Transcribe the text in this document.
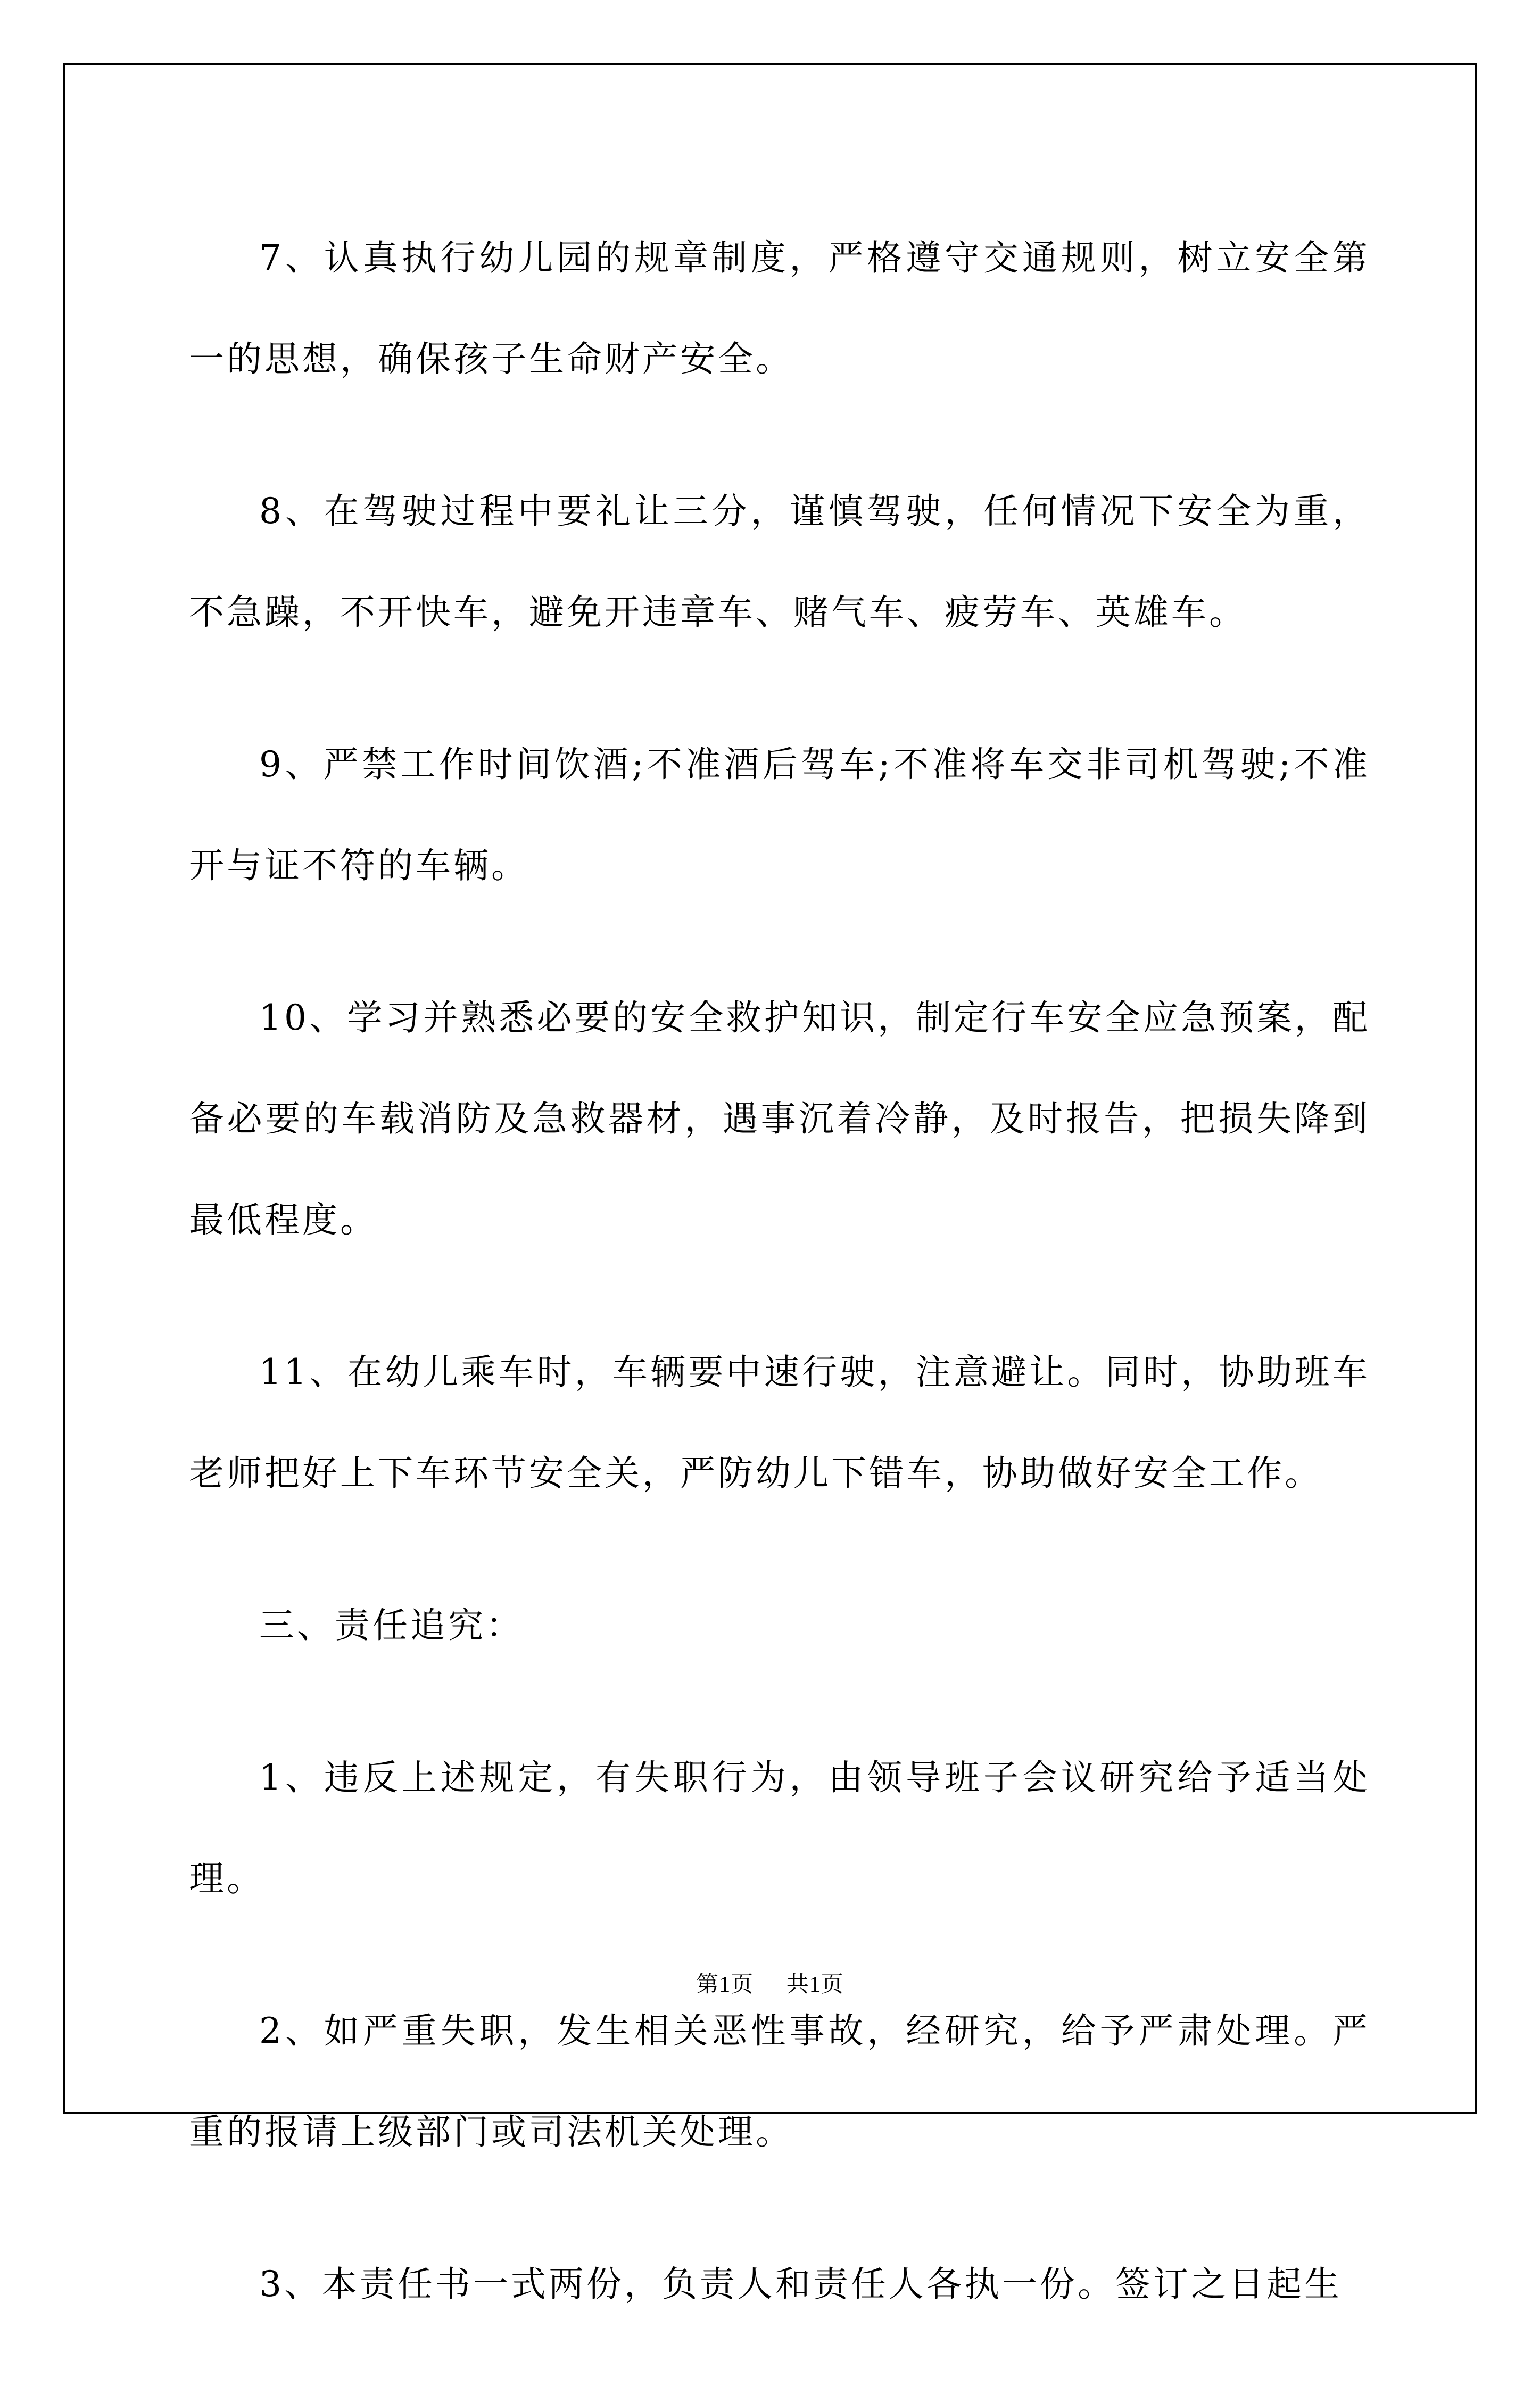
7、认真执行幼儿园的规章制度，严格遵守交通规则，树立安全第一的思想，确保孩子生命财产安全。

8、在驾驶过程中要礼让三分，谨慎驾驶，任何情况下安全为重，不急躁，不开快车，避免开违章车、赌气车、疲劳车、英雄车。

9、严禁工作时间饮酒;不准酒后驾车;不准将车交非司机驾驶;不准开与证不符的车辆。

10、学习并熟悉必要的安全救护知识，制定行车安全应急预案，配备必要的车载消防及急救器材，遇事沉着冷静，及时报告，把损失降到最低程度。

11、在幼儿乘车时，车辆要中速行驶，注意避让。同时，协助班车老师把好上下车环节安全关，严防幼儿下错车，协助做好安全工作。

三、责任追究：

1、违反上述规定，有失职行为，由领导班子会议研究给予适当处理。

2、如严重失职，发生相关恶性事故，经研究，给予严肃处理。严重的报请上级部门或司法机关处理。

3、本责任书一式两份，负责人和责任人各执一份。签订之日起生

第1页 共1页
